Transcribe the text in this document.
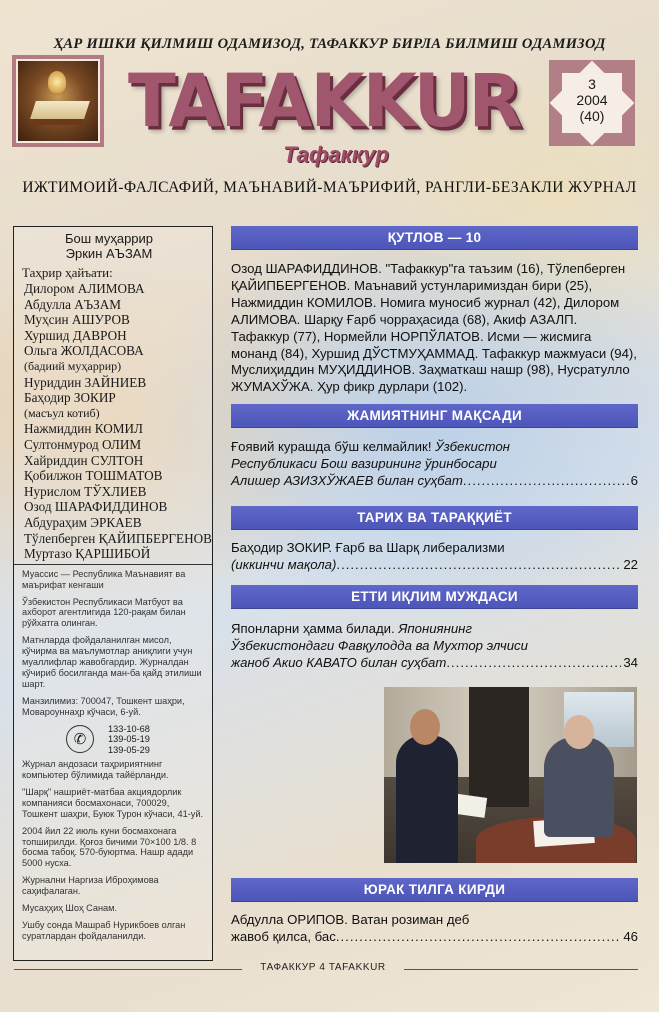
ҲАР ИШКИ ҚИЛМИШ ОДАМИЗОД, ТАФАККУР БИРЛА БИЛМИШ ОДАМИЗОД
TAFAKKUR
Тафаккур
3
2004
(40)
ИЖТИМОИЙ-ФАЛСАФИЙ, МАЪНАВИЙ-МАЪРИФИЙ, РАНГЛИ-БЕЗАКЛИ ЖУРНАЛ
Бош муҳаррир
Эркин АЪЗАМ
Таҳрир ҳайъати:
Дилором АЛИМОВА
Абдулла АЪЗАМ
Муҳсин АШУРОВ
Хуршид ДАВРОН
Ольга ЖОЛДАСОВА
(бадиий муҳаррир)
Нуриддин ЗАЙНИЕВ
Баҳодир ЗОКИР
(масъул котиб)
Нажмиддин КОМИЛ
Султонмурод ОЛИМ
Хайриддин СУЛТОН
Қобилжон ТОШМАТОВ
Нурислом ТЎХЛИЕВ
Озод ШАРАФИДДИНОВ
Абдураҳим ЭРКАЕВ
Тўлепберген ҚАЙИПБЕРГЕНОВ
Муртазо ҚАРШИБОЙ
Муассис — Республика Маънавият ва маърифат кенгаши
Ўзбекистон Республикаси Матбуот ва ахборот агентлигида 120-рақам билан рўйхатга олинган.
Матнларда фойдаланилган мисол, кўчирма ва маълумотлар аниқлиги учун муаллифлар жавобгардир. Журналдан кўчириб босилганда ман-ба қайд этилиши шарт.
Манзилимиз: 700047, Тошкент шаҳри, Мовароуннаҳр кўчаси, 6-уй.
✆
133-10-68
139-05-19
139-05-29
Журнал андозаси таҳририятнинг компьютер бўлимида тайёрланди.
"Шарқ" нашриёт-матбаа акциядорлик компанияси босмахонаси, 700029, Тошкент шаҳри, Буюк Турон кўчаси, 41-уй.
2004 йил 22 июль куни босмахонага топширилди. Қоғоз бичими 70×100 1/8. 8 босма табоқ. 570-буюртма. Нашр адади 5000 нусха.
Журнални Наргиза Иброҳимова саҳифалаган.
Мусаҳҳиҳ Шоҳ Санам.
Ушбу сонда Машраб Нурикбоев олган суратлардан фойдаланилди.
ҚУТЛОВ — 10
Озод ШАРАФИДДИНОВ. "Тафаккур"га таъзим (16), Тўлепберген ҚАЙИПБЕРГЕНОВ. Маънавий устунларимиздан бири (25), Нажмиддин КОМИЛОВ. Номига муносиб журнал (42), Дилором АЛИМОВА. Шарқу Ғарб чорраҳасида (68), Акиф АЗАЛП. Тафаккур (77), Нормейли НОРПЎЛАТОВ. Исми — жисмига монанд (84), Хуршид ДЎСТМУҲАММАД. Тафаккур мажмуаси (94), Муслиҳиддин МУҲИДДИНОВ. Заҳматкаш нашр (98), Нусратулло ЖУМАХЎЖА. Ҳур фикр дурлари (102).
ЖАМИЯТНИНГ МАҚСАДИ
Ғоявий курашда бўш келмайлик! Ўзбекистон
Республикаси Бош вазирининг ўринбосари
Алишер АЗИЗХЎЖАЕВ билан суҳбат .....	6
ТАРИХ ВА ТАРАҚҚИЁТ
Баҳодир ЗОКИР. Ғарб ва Шарқ либерализми
(иккинчи мақола) .....	22
ЕТТИ ИҚЛИМ МУЖДАСИ
Японларни ҳамма билади. Япониянинг
Ўзбекистондаги Фавқулодда ва Мухтор элчиси
жаноб Акио КАВАТО билан суҳбат .....	34
ЮРАК ТИЛГА КИРДИ
Абдулла ОРИПОВ. Ватан розиман деб
жавоб қилса, бас .....	46
ТАФАККУР 4 TAFAKKUR
